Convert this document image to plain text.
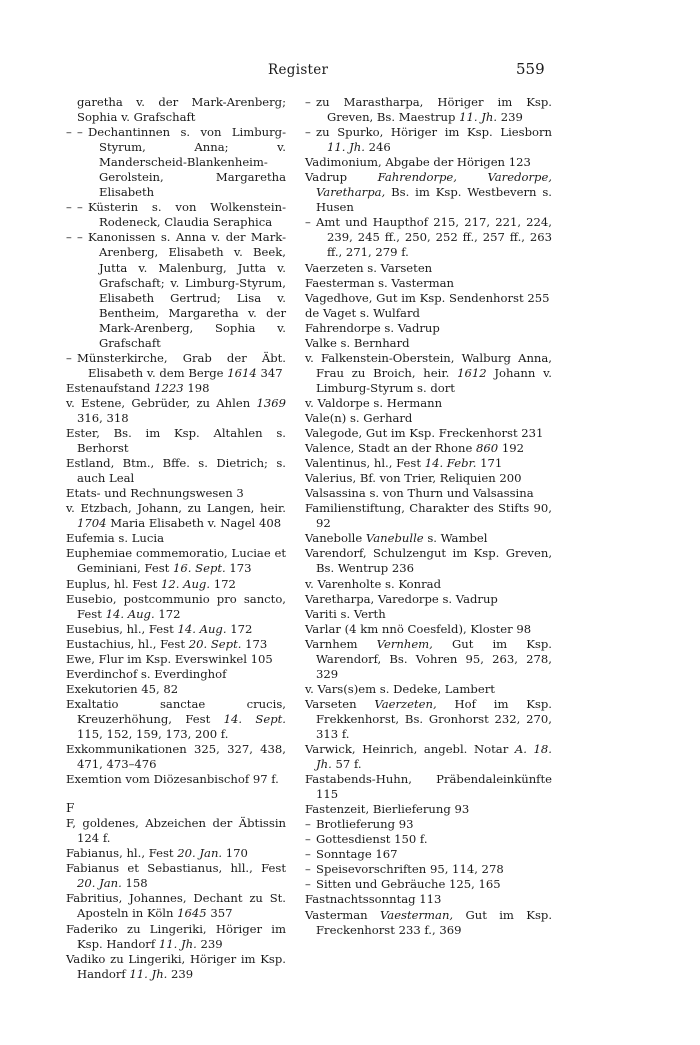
Register	559

garetha v. der Mark-Arenberg; Sophia v. Grafschaft

– – Dechantinnen s. von Limburg-Styrum, Anna; v. Manderscheid-Blankenheim-Gerolstein, Margaretha Elisabeth

– – Küsterin s. von Wolkenstein-Rodeneck, Claudia Seraphica

– – Kanonissen s. Anna v. der Mark-Arenberg, Elisabeth v. Beek, Jutta v. Malenburg, Jutta v. Grafschaft; v. Limburg-Styrum, Elisabeth Gertrud; Lisa v. Bentheim, Margaretha v. der Mark-Arenberg, Sophia v. Grafschaft

– Münsterkirche, Grab der Äbt. Elisabeth v. dem Berge 1614 347

Estenaufstand 1223 198

v. Estene, Gebrüder, zu Ahlen 1369 316, 318

Ester, Bs. im Ksp. Altahlen s. Berhorst

Estland, Btm., Bffe. s. Dietrich; s. auch Leal

Etats- und Rechnungswesen 3

v. Etzbach, Johann, zu Langen, heir. 1704 Maria Elisabeth v. Nagel 408

Eufemia s. Lucia

Euphemiae commemoratio, Luciae et Geminiani, Fest 16. Sept. 173

Euplus, hl. Fest 12. Aug. 172

Eusebio, postcommunio pro sancto, Fest 14. Aug. 172

Eusebius, hl., Fest 14. Aug. 172

Eustachius, hl., Fest 20. Sept. 173

Ewe, Flur im Ksp. Everswinkel 105

Everdinchof s. Everdinghof

Exekutorien 45, 82

Exaltatio sanctae crucis, Kreuzerhöhung, Fest 14. Sept. 115, 152, 159, 173, 200 f.

Exkommunikationen 325, 327, 438, 471, 473–476

Exemtion vom Diözesanbischof 97 f.

F

F, goldenes, Abzeichen der Äbtissin 124 f.

Fabianus, hl., Fest 20. Jan. 170

Fabianus et Sebastianus, hll., Fest 20. Jan. 158

Fabritius, Johannes, Dechant zu St. Aposteln in Köln 1645 357

Faderiko zu Lingeriki, Höriger im Ksp. Handorf 11. Jh. 239

Vadiko zu Lingeriki, Höriger im Ksp. Handorf 11. Jh. 239

– zu Marastharpa, Höriger im Ksp. Greven, Bs. Maestrup 11. Jh. 239

– zu Spurko, Höriger im Ksp. Liesborn 11. Jh. 246

Vadimonium, Abgabe der Hörigen 123

Vadrup	Fahrendorpe, Varedorpe, Varetharpa, Bs. im Ksp. Westbevern s. Husen

– Amt und Haupthof 215, 217, 221, 224, 239, 245 ff., 250, 252 ff., 257 ff., 263 ff., 271, 279 f.

Vaerzeten s. Varseten

Faesterman s. Vasterman

Vagedhove, Gut im Ksp. Sendenhorst 255

de Vaget s. Wulfard

Fahrendorpe s. Vadrup

Valke s. Bernhard

v. Falkenstein-Oberstein, Walburg Anna, Frau zu Broich, heir. 1612 Johann v. Limburg-Styrum s. dort

v. Valdorpe s. Hermann

Vale(n) s. Gerhard

Valegode, Gut im Ksp. Freckenhorst 231

Valence, Stadt an der Rhone 860 192

Valentinus, hl., Fest 14. Febr. 171

Valerius, Bf. von Trier, Reliquien 200

Valsassina s. von Thurn und Valsassina

Familienstiftung, Charakter des Stifts 90, 92

Vanebolle Vanebulle s. Wambel

Varendorf, Schulzengut im Ksp. Greven, Bs. Wentrup 236

v. Varenholte s. Konrad

Varetharpa, Varedorpe s. Vadrup

Variti s. Verth

Varlar (4 km nnö Coesfeld), Kloster 98

Varnhem Vernhem, Gut im Ksp. Warendorf, Bs. Vohren 95, 263, 278, 329

v. Vars(s)em s. Dedeke, Lambert

Varseten Vaerzeten, Hof im Ksp. Frekkenhorst, Bs. Gronhorst 232, 270, 313 f.

Varwick, Heinrich, angebl. Notar A. 18. Jh. 57 f.

Fastabends-Huhn, Präbendaleinkünfte 115

Fastenzeit, Bierlieferung 93

– Brotlieferung 93

– Gottesdienst 150 f.

– Sonntage 167

– Speisevorschriften 95, 114, 278

– Sitten und Gebräuche 125, 165

Fastnachtssonntag 113

Vasterman Vaesterman, Gut im Ksp. Freckenhorst 233 f., 369
